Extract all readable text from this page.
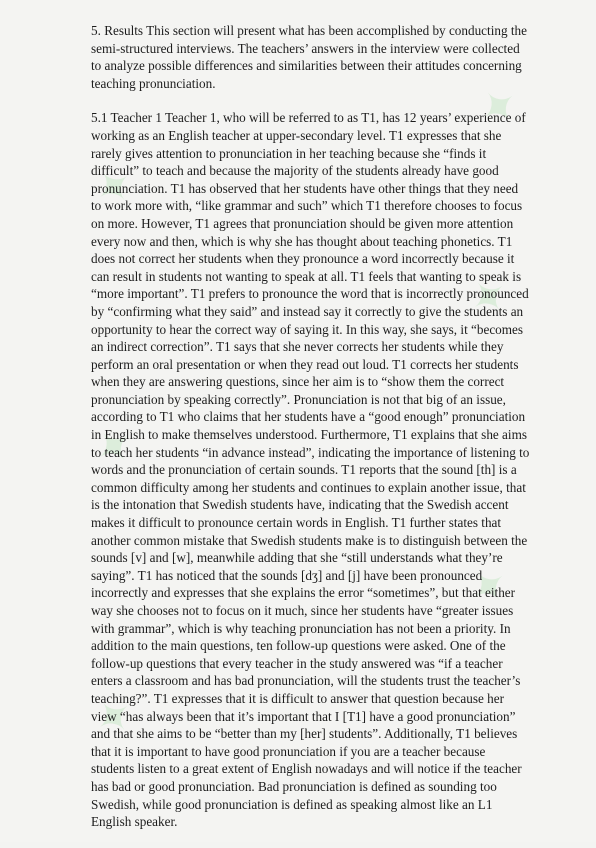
✦
✦
✦
✦
✦
✦

5. Results This section will present what has been accomplished by conducting the semi-structured interviews. The teachers’ answers in the interview were collected to analyze possible differences and similarities between their attitudes concerning teaching pronunciation.

5.1 Teacher 1 Teacher 1, who will be referred to as T1, has 12 years’ experience of working as an English teacher at upper-secondary level. T1 expresses that she rarely gives attention to pronunciation in her teaching because she “finds it difficult” to teach and because the majority of the students already have good pronunciation. T1 has observed that her students have other things that they need to work more with, “like grammar and such” which T1 therefore chooses to focus on more. However, T1 agrees that pronunciation should be given more attention every now and then, which is why she has thought about teaching phonetics. T1 does not correct her students when they pronounce a word incorrectly because it can result in students not wanting to speak at all. T1 feels that wanting to speak is “more important”. T1 prefers to pronounce the word that is incorrectly pronounced by “confirming what they said” and instead say it correctly to give the students an opportunity to hear the correct way of saying it. In this way, she says, it “becomes an indirect correction”. T1 says that she never corrects her students while they perform an oral presentation or when they read out loud. T1 corrects her students when they are answering questions, since her aim is to “show them the correct pronunciation by speaking correctly”. Pronunciation is not that big of an issue, according to T1 who claims that her students have a “good enough” pronunciation in English to make themselves understood. Furthermore, T1 explains that she aims to teach her students “in advance instead”, indicating the importance of listening to words and the pronunciation of certain sounds. T1 reports that the sound [th] is a common difficulty among her students and continues to explain another issue, that is the intonation that Swedish students have, indicating that the Swedish accent makes it difficult to pronounce certain words in English. T1 further states that another common mistake that Swedish students make is to distinguish between the sounds [v] and [w], meanwhile adding that she “still understands what they’re saying”. T1 has noticed that the sounds [dʒ] and [j] have been pronounced incorrectly and expresses that she explains the error “sometimes”, but that either way she chooses not to focus on it much, since her students have “greater issues with grammar”, which is why teaching pronunciation has not been a priority. In addition to the main questions, ten follow-up questions were asked. One of the follow-up questions that every teacher in the study answered was “if a teacher enters a classroom and has bad pronunciation, will the students trust the teacher’s teaching?”. T1 expresses that it is difficult to answer that question because her view “has always been that it’s important that I [T1] have a good pronunciation” and that she aims to be “better than my [her] students”. Additionally, T1 believes that it is important to have good pronunciation if you are a teacher because students listen to a great extent of English nowadays and will notice if the teacher has bad or good pronunciation. Bad pronunciation is defined as sounding too Swedish, while good pronunciation is defined as speaking almost like an L1 English speaker.
